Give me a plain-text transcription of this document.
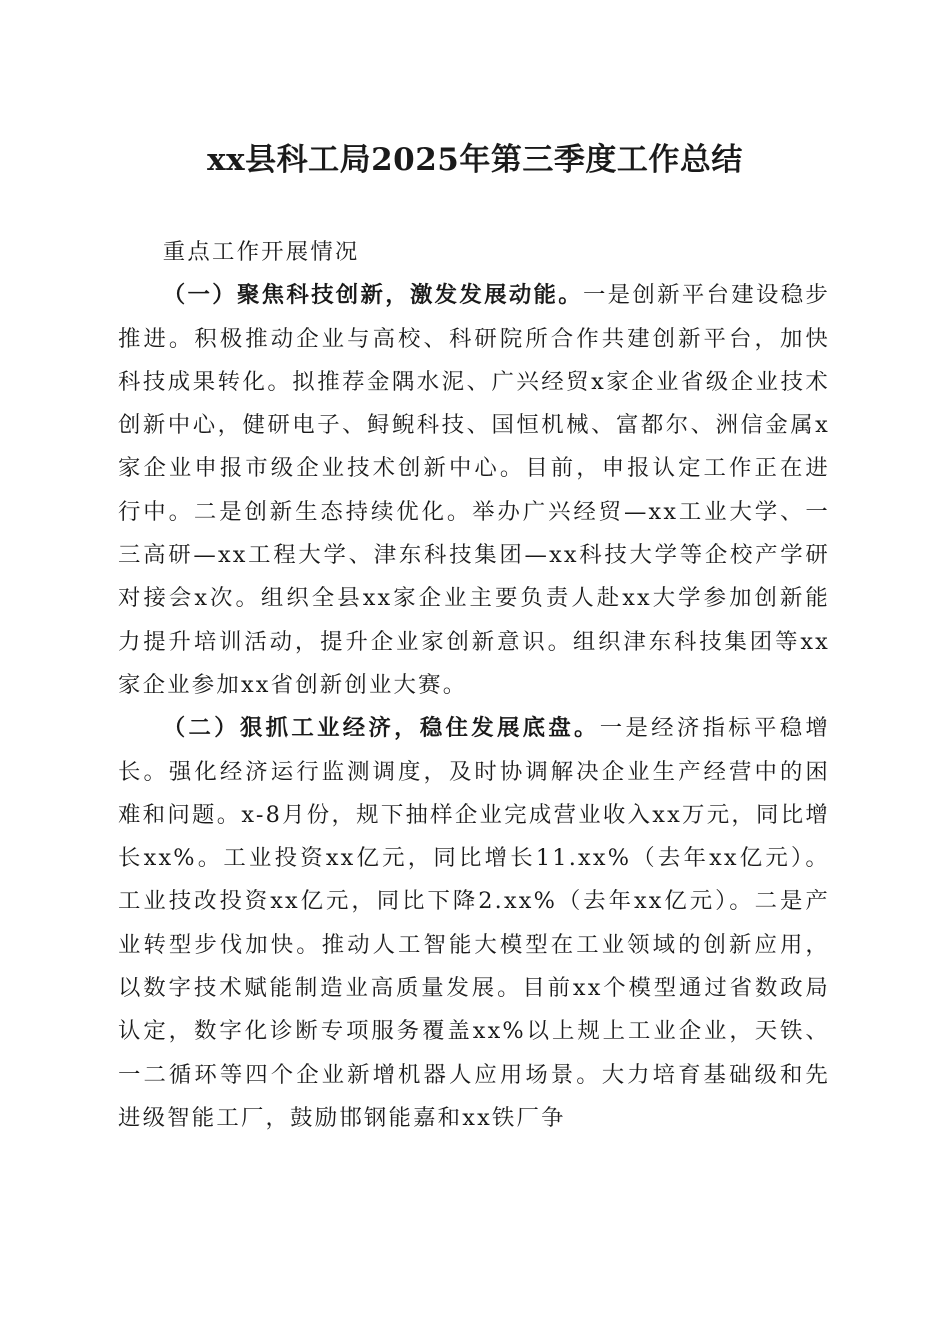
xx县科工局2025年第三季度工作总结

重点工作开展情况

（一）聚焦科技创新，激发发展动能。一是创新平台建设稳步推进。积极推动企业与高校、科研院所合作共建创新平台，加快科技成果转化。拟推荐金隅水泥、广兴经贸x家企业省级企业技术创新中心，健研电子、鲟鲵科技、国恒机械、富都尔、洲信金属x家企业申报市级企业技术创新中心。目前，申报认定工作正在进行中。二是创新生态持续优化。举办广兴经贸—xx工业大学、一三高研—xx工程大学、津东科技集团—xx科技大学等企校产学研对接会x次。组织全县xx家企业主要负责人赴xx大学参加创新能力提升培训活动，提升企业家创新意识。组织津东科技集团等xx家企业参加xx省创新创业大赛。

（二）狠抓工业经济，稳住发展底盘。一是经济指标平稳增长。强化经济运行监测调度，及时协调解决企业生产经营中的困难和问题。x-8月份，规下抽样企业完成营业收入xx万元，同比增长xx%。工业投资xx亿元，同比增长11.xx%（去年xx亿元）。工业技改投资xx亿元，同比下降2.xx%（去年xx亿元）。二是产业转型步伐加快。推动人工智能大模型在工业领域的创新应用，以数字技术赋能制造业高质量发展。目前xx个模型通过省数政局认定，数字化诊断专项服务覆盖xx%以上规上工业企业，天铁、一二循环等四个企业新增机器人应用场景。大力培育基础级和先进级智能工厂，鼓励邯钢能嘉和xx铁厂争
